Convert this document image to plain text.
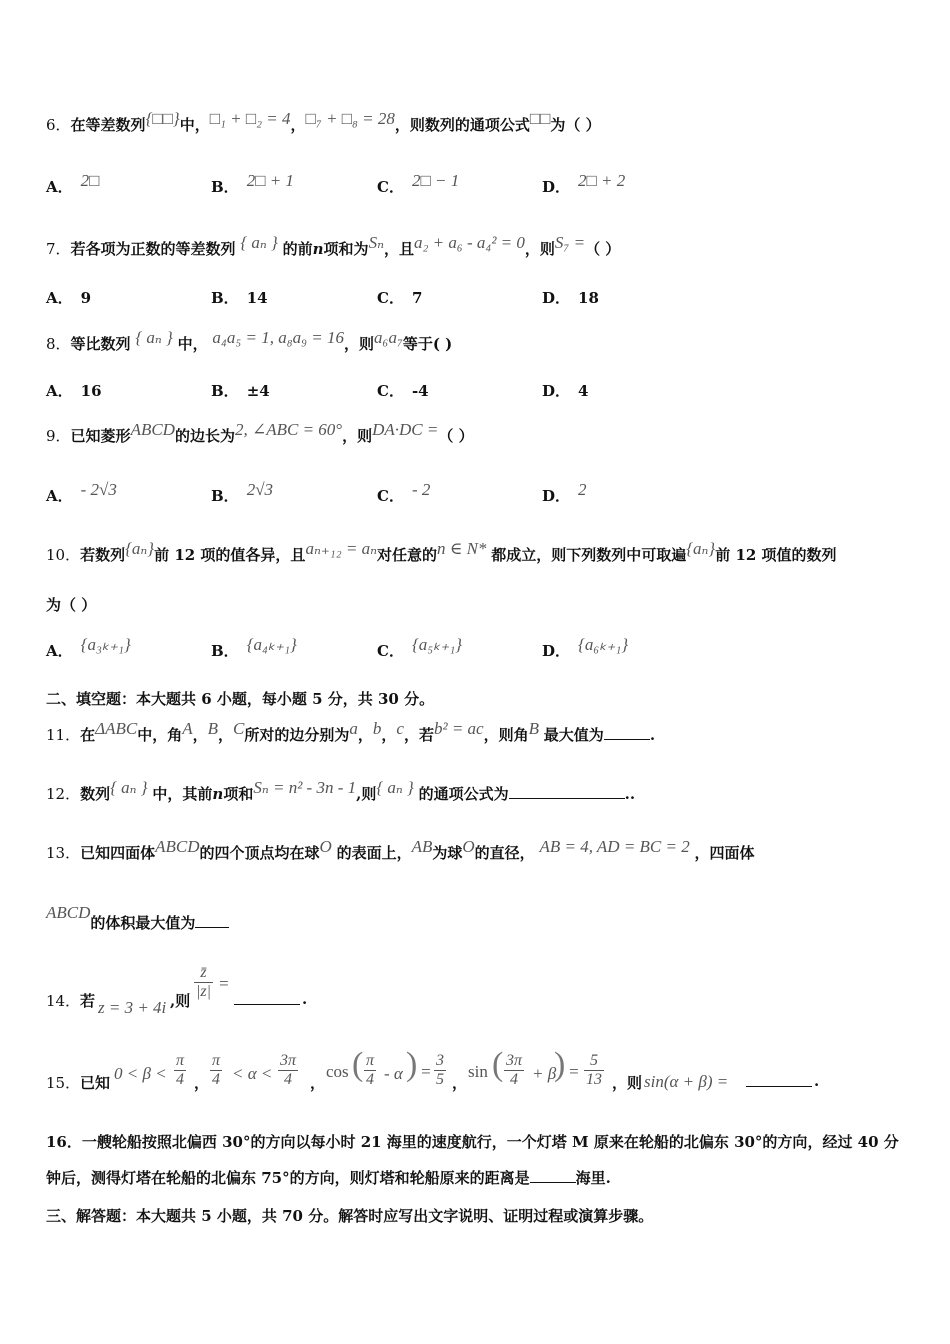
6．在等差数列{□□}中，□₁ + □₂ = 4，□₇ + □₈ = 28，则数列的通项公式□□为（ ）
A． 2□	B． 2□ + 1	C． 2□ − 1	D． 2□ + 2
7．若各项为正数的等差数列 { aₙ } 的前n项和为Sₙ，且a₂ + a₆ - a₄² = 0，则S₇ =（ ）
A． 9	B． 14	C． 7	D． 18
8．等比数列 { aₙ } 中， a₄a₅ = 1, a₈a₉ = 16，则a₆a₇等于( )
A． 16	B． ±4	C． -4	D． 4
9．已知菱形ABCD的边长为2, ∠ABC = 60°，则DA·DC =（ ）
A． - 2√3	B． 2√3	C． - 2	D． 2
10．若数列{aₙ}前 12 项的值各异，且aₙ₊₁₂ = aₙ对任意的n ∈ N* 都成立，则下列数列中可取遍{aₙ}前 12 项值的数列
为（ ）
A． {a₃ₖ₊₁}	B． {a₄ₖ₊₁}	C． {a₅ₖ₊₁}	D． {a₆ₖ₊₁}
二、填空题：本大题共 6 小题，每小题 5 分，共 30 分。
11．在ΔABC中，角A，B，C所对的边分别为a，b，c，若b² = ac，则角B 最大值为	.
12．数列{ aₙ } 中，其前n项和Sₙ = n² - 3n - 1,则{ aₙ } 的通项公式为	..
13．已知四面体ABCD的四个顶点均在球O 的表面上，AB为球O的直径， AB = 4, AD = BC = 2 ，四面体
ABCD的体积最大值为
14． 若 z = 3 + 4i ,则 $\frac{z̄}{|z|}$ =
.
15． 已知 $0 < \beta < \frac{\pi}{4}$ ， $\frac{\pi}{4} < \alpha < \frac{3\pi}{4}$ ，
cos ( $\frac{\pi}{4}$ - α ) = $\frac{3}{5}$ ，
sin ( $\frac{3\pi}{4} + \beta$
) = $\frac{5}{13}$ ，则 sin(α + β) =	.
16．一艘轮船按照北偏西 30°的方向以每小时 21 海里的速度航行，一个灯塔 M 原来在轮船的北偏东 30°的方向，经过 40 分钟后，测得灯塔在轮船的北偏东 75°的方向，则灯塔和轮船原来的距离是	海里.
三、解答题：本大题共 5 小题，共 70 分。解答时应写出文字说明、证明过程或演算步骤。
